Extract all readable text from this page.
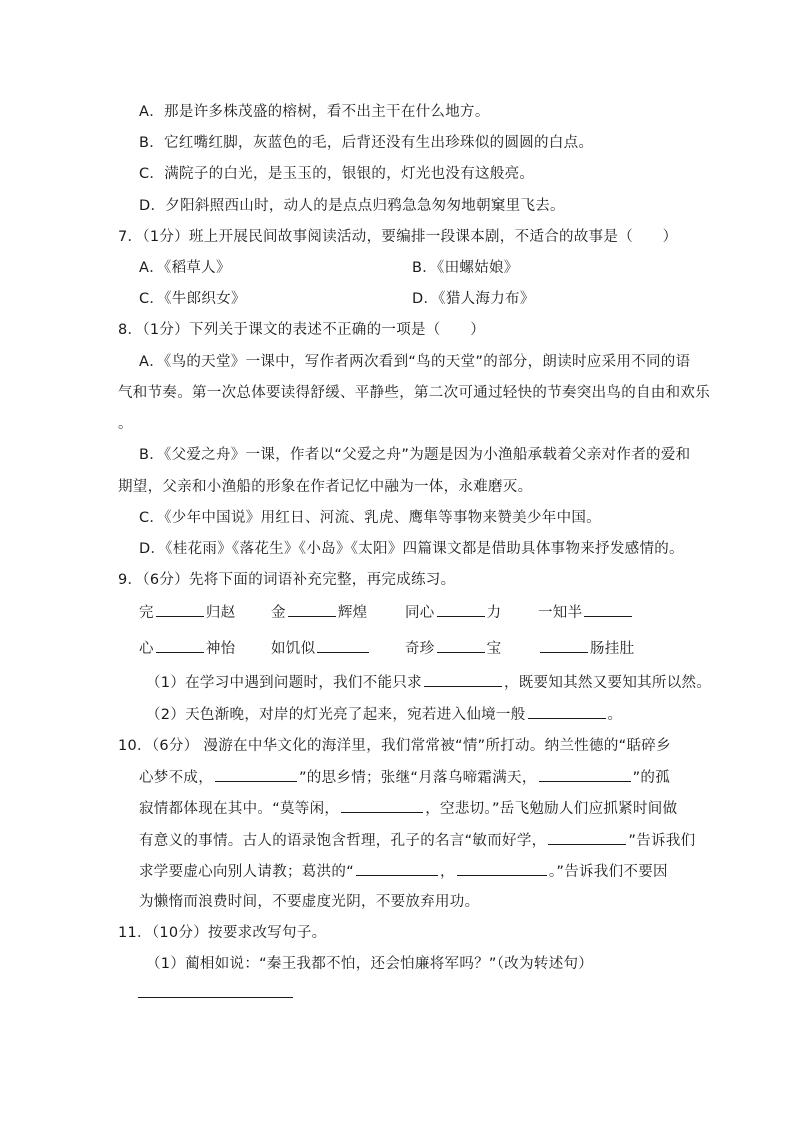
A．那是许多株茂盛的榕树，看不出主干在什么地方。
B．它红嘴红脚，灰蓝色的毛，后背还没有生出珍珠似的圆圆的白点。
C．满院子的白光，是玉玉的，银银的，灯光也没有这般亮。
D．夕阳斜照西山时，动人的是点点归鸦急急匆匆地朝窠里飞去。
7．（1分）班上开展民间故事阅读活动，要编排一段课本剧，不适合的故事是（　　）
A．《稻草人》	B．《田螺姑娘》
C．《牛郎织女》	D．《猎人海力布》
8．（1分）下列关于课文的表述不正确的一项是（　　）
A．《鸟的天堂》一课中，写作者两次看到“鸟的天堂”的部分，朗读时应采用不同的语
气和节奏。第一次总体要读得舒缓、平静些，第二次可通过轻快的节奏突出鸟的自由和欢乐
。
B．《父爱之舟》一课，作者以“父爱之舟”为题是因为小渔船承载着父亲对作者的爱和
期望，父亲和小渔船的形象在作者记忆中融为一体，永难磨灭。
C．《少年中国说》用红日、河流、乳虎、鹰隼等事物来赞美少年中国。
D．《桂花雨》《落花生》《小岛》《太阳》四篇课文都是借助具体事物来抒发感情的。
9．（6分）先将下面的词语补充完整，再完成练习。
完	归赵 金	辉煌	同心	力	一知半
心	神怡 如饥似	奇珍	宝	肠挂肚
（1）在学习中遇到问题时，我们不能只求	，既要知其然又要知其所以然。
（2）天色渐晚，对岸的灯光亮了起来，宛若进入仙境一般	。
10．（6分） 漫游在中华文化的海洋里，我们常常被“情”所打动。纳兰性德的“聒碎乡
心梦不成，	”的思乡情；张继“月落乌啼霜满天，	”的孤
寂情都体现在其中。“莫等闲，	，空悲切。”岳飞勉励人们应抓紧时间做
有意义的事情。古人的语录饱含哲理，孔子的名言“敏而好学，	”告诉我们
求学要虚心向别人请教；葛洪的“	，	。”告诉我们不要因
为懒惰而浪费时间，不要虚度光阴，不要放弃用功。
11．（10分）按要求改写句子。
（1）蔺相如说：“秦王我都不怕，还会怕廉将军吗？”（改为转述句）
